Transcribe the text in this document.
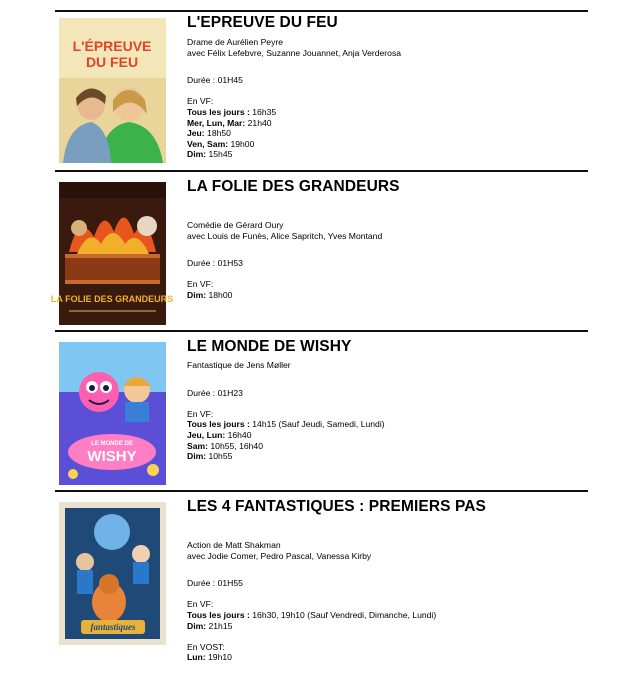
L'ÉPREUVE
DU FEU
L'EPREUVE DU FEU
Drame de Aurélien Peyre
avec Félix Lefebvre, Suzanne Jouannet, Anja Verderosa
Durée : 01H45
En VF:
Tous les jours : 16h35
Mer, Lun, Mar: 21h40
Jeu: 18h50
Ven, Sam: 19h00
Dim: 15h45
LA FOLIE DES GRANDEURS
LA FOLIE DES GRANDEURS
Comédie de Gérard Oury
avec Louis de Funès, Alice Sapritch, Yves Montand
Durée : 01H53
En VF:
Dim: 18h00
LE MONDE DE
WISHY
LE MONDE DE WISHY
Fantastique de Jens Møller
Durée : 01H23
En VF:
Tous les jours : 14h15 (Sauf Jeudi, Samedi, Lundi)
Jeu, Lun: 16h40
Sam: 10h55, 16h40
Dim: 10h55
fantastiques
LES 4 FANTASTIQUES : PREMIERS PAS
Action de Matt Shakman
avec Jodie Comer, Pedro Pascal, Vanessa Kirby
Durée : 01H55
En VF:
Tous les jours : 16h30, 19h10 (Sauf Vendredi, Dimanche, Lundi)
Dim: 21h15
En VOST:
Lun: 19h10
